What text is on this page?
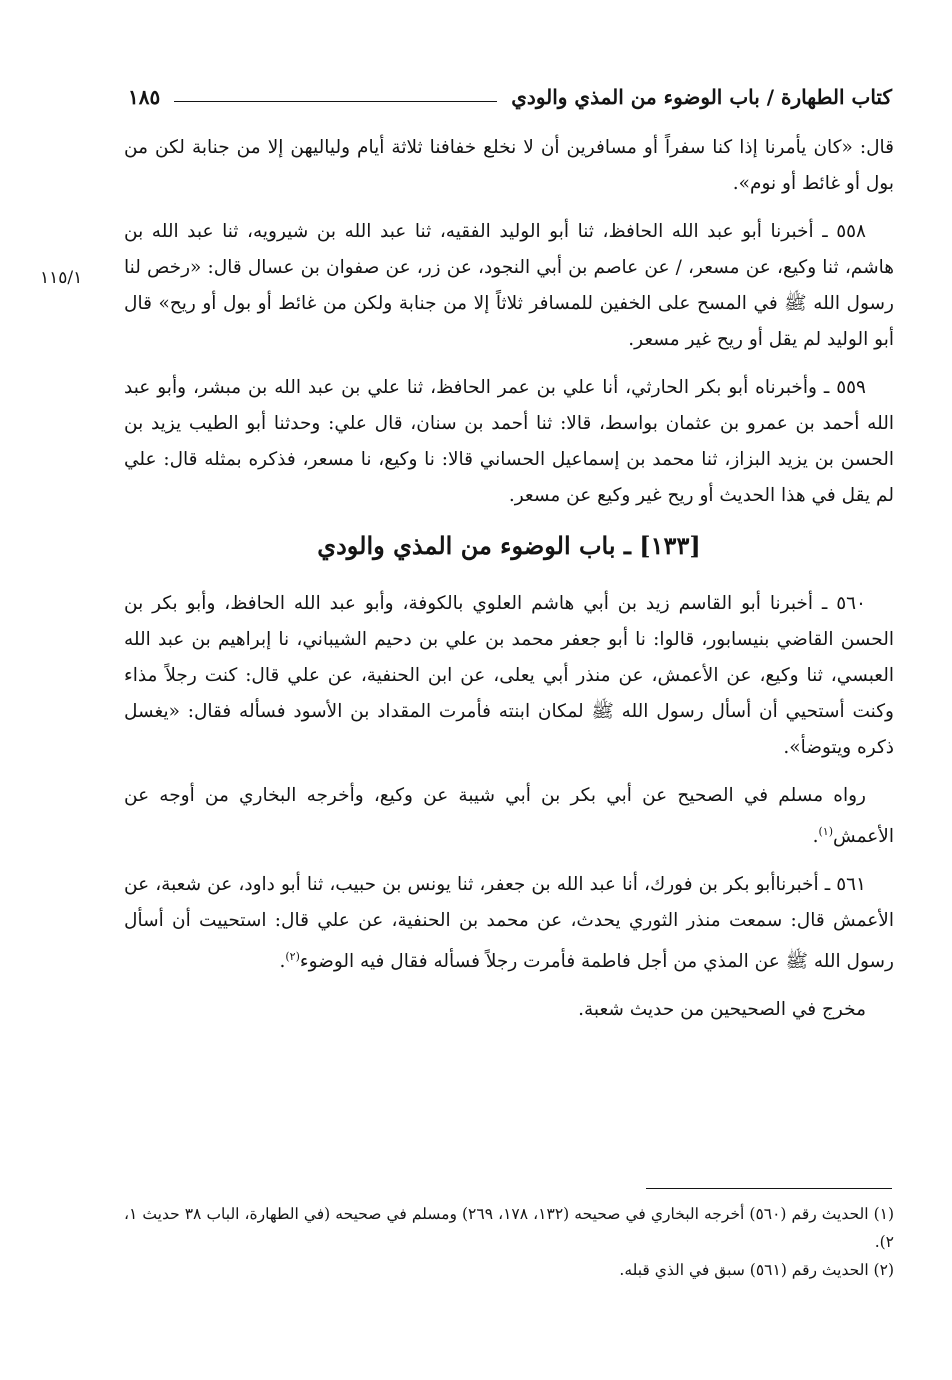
كتاب الطهارة / باب الوضوء من المذي والودي
١٨٥
١١٥/١

قال: «كان يأمرنا إذا كنا سفراً أو مسافرين أن لا نخلع خفافنا ثلاثة أيام ولياليهن إلا من جنابة لكن من بول أو غائط أو نوم».

٥٥٨ ـ أخبرنا أبو عبد الله الحافظ، ثنا أبو الوليد الفقيه، ثنا عبد الله بن شيرويه، ثنا عبد الله بن هاشم، ثنا وكيع، عن مسعر، / عن عاصم بن أبي النجود، عن زر، عن صفوان بن عسال قال: «رخص لنا رسول الله ﷺ في المسح على الخفين للمسافر ثلاثاً إلا من جنابة ولكن من غائط أو بول أو ريح» قال أبو الوليد لم يقل أو ريح غير مسعر.

٥٥٩ ـ وأخبرناه أبو بكر الحارثي، أنا علي بن عمر الحافظ، ثنا علي بن عبد الله بن مبشر، وأبو عبد الله أحمد بن عمرو بن عثمان بواسط، قالا: ثنا أحمد بن سنان، قال علي: وحدثنا أبو الطيب يزيد بن الحسن بن يزيد البزاز، ثنا محمد بن إسماعيل الحساني قالا: نا وكيع، نا مسعر، فذكره بمثله قال: علي لم يقل في هذا الحديث أو ريح غير وكيع عن مسعر.

[١٣٣] ـ باب الوضوء من المذي والودي

٥٦٠ ـ أخبرنا أبو القاسم زيد بن أبي هاشم العلوي بالكوفة، وأبو عبد الله الحافظ، وأبو بكر بن الحسن القاضي بنيسابور، قالوا: نا أبو جعفر محمد بن علي بن دحيم الشيباني، نا إبراهيم بن عبد الله العبسي، ثنا وكيع، عن الأعمش، عن منذر أبي يعلى، عن ابن الحنفية، عن علي قال: كنت رجلاً مذاء وكنت أستحيي أن أسأل رسول الله ﷺ لمكان ابنته فأمرت المقداد بن الأسود فسأله فقال: «يغسل ذكره ويتوضأ».

رواه مسلم في الصحيح عن أبي بكر بن أبي شيبة عن وكيع، وأخرجه البخاري من أوجه عن الأعمش$^{(١)}$.

٥٦١ ـ أخبرناأبو بكر بن فورك، أنا عبد الله بن جعفر، ثنا يونس بن حبيب، ثنا أبو داود، عن شعبة، عن الأعمش قال: سمعت منذر الثوري يحدث، عن محمد بن الحنفية، عن علي قال: استحييت أن أسأل رسول الله ﷺ عن المذي من أجل فاطمة فأمرت رجلاً فسأله فقال فيه الوضوء$^{(٢)}$.

مخرج في الصحيحين من حديث شعبة.

(١) الحديث رقم (٥٦٠) أخرجه البخاري في صحيحه (١٣٢، ١٧٨، ٢٦٩) ومسلم في صحيحه (في الطهارة، الباب ٣٨ حديث ١، ٢).

(٢) الحديث رقم (٥٦١) سبق في الذي قبله.
